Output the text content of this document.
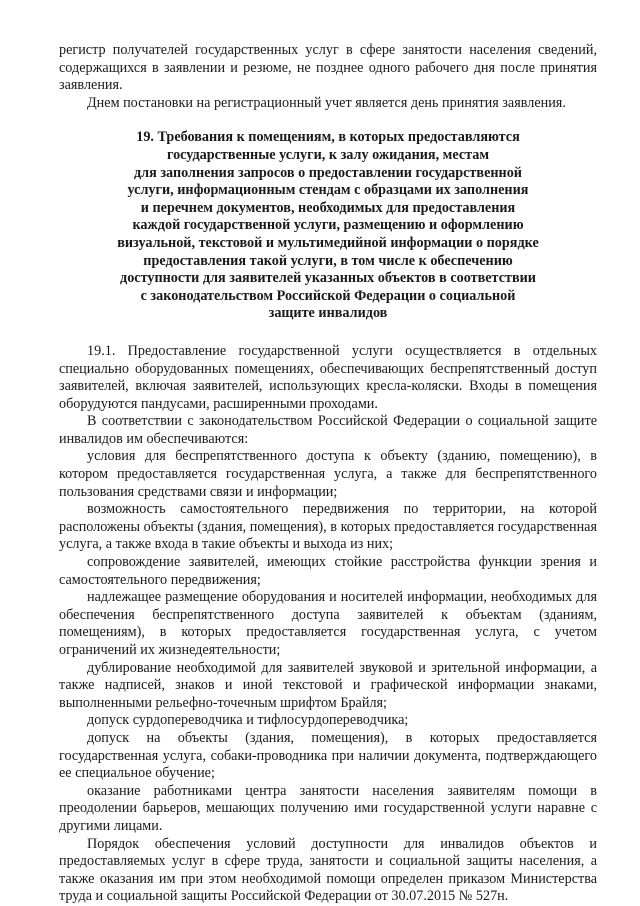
регистр получателей государственных услуг в сфере занятости населения сведений, содержащихся в заявлении и резюме, не позднее одного рабочего дня после принятия заявления.

Днем постановки на регистрационный учет является день принятия заявления.

19. Требования к помещениям, в которых предоставляются
государственные услуги, к залу ожидания, местам
для заполнения запросов о предоставлении государственной
услуги, информационным стендам с образцами их заполнения
и перечнем документов, необходимых для предоставления
каждой государственной услуги, размещению и оформлению
визуальной, текстовой и мультимедийной информации о порядке
предоставления такой услуги, в том числе к обеспечению
доступности для заявителей указанных объектов в соответствии
с законодательством Российской Федерации о социальной
защите инвалидов

19.1. Предоставление государственной услуги осуществляется в отдельных специально оборудованных помещениях, обеспечивающих беспрепятственный доступ заявителей, включая заявителей, использующих кресла-коляски. Входы в помещения оборудуются пандусами, расширенными проходами.

В соответствии с законодательством Российской Федерации о социальной защите инвалидов им обеспечиваются:

условия для беспрепятственного доступа к объекту (зданию, помещению), в котором предоставляется государственная услуга, а также для беспрепятственного пользования средствами связи и информации;

возможность самостоятельного передвижения по территории, на которой расположены объекты (здания, помещения), в которых предоставляется государственная услуга, а также входа в такие объекты и выхода из них;

сопровождение заявителей, имеющих стойкие расстройства функции зрения и самостоятельного передвижения;

надлежащее размещение оборудования и носителей информации, необходимых для обеспечения беспрепятственного доступа заявителей к объектам (зданиям, помещениям), в которых предоставляется государственная услуга, с учетом ограничений их жизнедеятельности;

дублирование необходимой для заявителей звуковой и зрительной информации, а также надписей, знаков и иной текстовой и графической информации знаками, выполненными рельефно-точечным шрифтом Брайля;

допуск сурдопереводчика и тифлосурдопереводчика;

допуск на объекты (здания, помещения), в которых предоставляется государственная услуга, собаки-проводника при наличии документа, подтверждающего ее специальное обучение;

оказание работниками центра занятости населения заявителям помощи в преодолении барьеров, мешающих получению ими государственной услуги наравне с другими лицами.

Порядок обеспечения условий доступности для инвалидов объектов и предоставляемых услуг в сфере труда, занятости и социальной защиты населения, а также оказания им при этом необходимой помощи определен приказом Министерства труда и социальной защиты Российской Федерации от 30.07.2015 № 527н.
